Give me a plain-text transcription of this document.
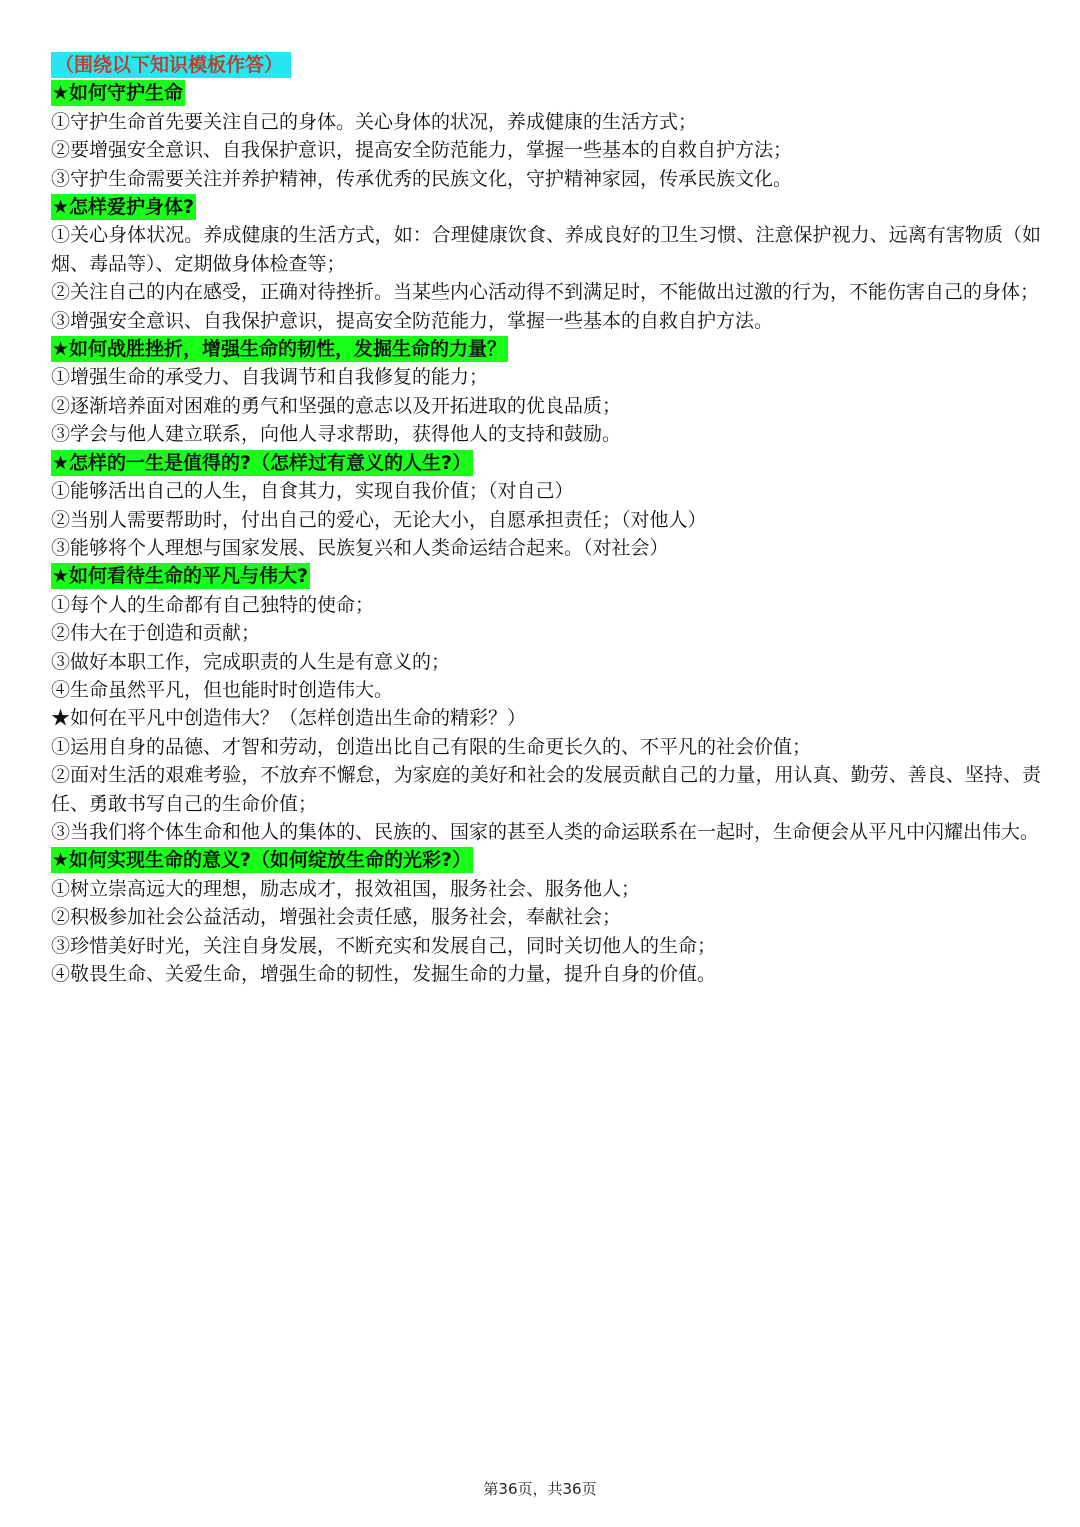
（围绕以下知识模板作答）
★如何守护生命
①守护生命首先要关注自己的身体。关心身体的状况，养成健康的生活方式；
②要增强安全意识、自我保护意识，提高安全防范能力，掌握一些基本的自救自护方法；
③守护生命需要关注并养护精神，传承优秀的民族文化，守护精神家园，传承民族文化。
★怎样爱护身体?
①关心身体状况。养成健康的生活方式，如：合理健康饮食、养成良好的卫生习惯、注意保护视力、远离有害物质（如烟、毒品等）、定期做身体检查等；
②关注自己的内在感受，正确对待挫折。当某些内心活动得不到满足时，不能做出过激的行为，不能伤害自己的身体；
③增强安全意识、自我保护意识，提高安全防范能力，掌握一些基本的自救自护方法。
★如何战胜挫折，增强生命的韧性，发掘生命的力量？
①增强生命的承受力、自我调节和自我修复的能力；
②逐渐培养面对困难的勇气和坚强的意志以及开拓进取的优良品质；
③学会与他人建立联系，向他人寻求帮助，获得他人的支持和鼓励。
★怎样的一生是值得的?（怎样过有意义的人生?）
①能够活出自己的人生，自食其力，实现自我价值；（对自己）
②当别人需要帮助时，付出自己的爱心，无论大小，自愿承担责任；（对他人）
③能够将个人理想与国家发展、民族复兴和人类命运结合起来。（对社会）
★如何看待生命的平凡与伟大?
①每个人的生命都有自己独特的使命；
②伟大在于创造和贡献；
③做好本职工作，完成职责的人生是有意义的；
④生命虽然平凡，但也能时时创造伟大。
★如何在平凡中创造伟大？（怎样创造出生命的精彩？）
①运用自身的品德、才智和劳动，创造出比自己有限的生命更长久的、不平凡的社会价值；
②面对生活的艰难考验，不放弃不懈怠，为家庭的美好和社会的发展贡献自己的力量，用认真、勤劳、善良、坚持、责任、勇敢书写自己的生命价值；
③当我们将个体生命和他人的集体的、民族的、国家的甚至人类的命运联系在一起时，生命便会从平凡中闪耀出伟大。
★如何实现生命的意义?（如何绽放生命的光彩?）
①树立崇高远大的理想，励志成才，报效祖国，服务社会、服务他人；
②积极参加社会公益活动，增强社会责任感，服务社会，奉献社会；
③珍惜美好时光，关注自身发展，不断充实和发展自己，同时关切他人的生命；
④敬畏生命、关爱生命，增强生命的韧性，发掘生命的力量，提升自身的价值。
第36页，共36页
